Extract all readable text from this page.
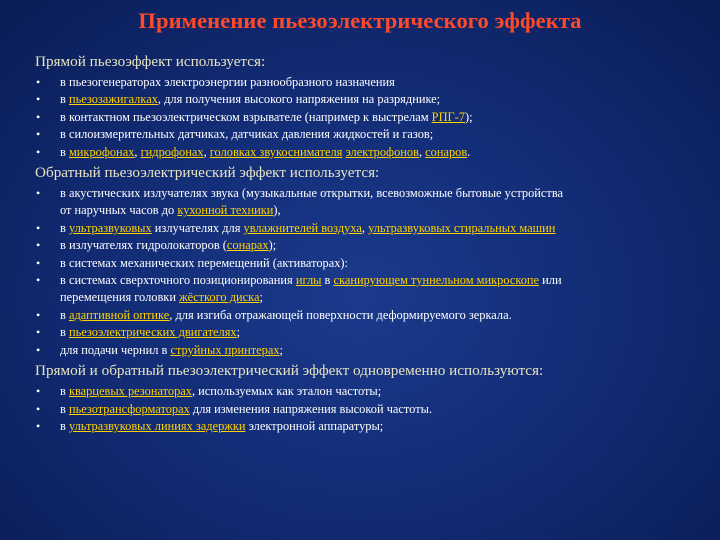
Применение пьезоэлектрического эффекта
Прямой пьезоэффект используется:
• в пьезогенераторах электроэнергии разнообразного назначения
• в пьезозажигалках, для получения высокого напряжения на разряднике;
• в контактном пьезоэлектрическом взрывателе (например к выстрелам РПГ-7);
• в силоизмерительных датчиках, датчиках давления жидкостей и газов;
• в микрофонах, гидрофонах, головках звукоснимателя электрофонов, сонаров.
Обратный пьезоэлектрический эффект используется:
• в акустических излучателях звука (музыкальные открытки, всевозможные бытовые устройства
от наручных часов до кухонной техники),
• в ультразвуковых излучателях для увлажнителей воздуха, ультразвуковых стиральных машин
• в излучателях гидролокаторов (сонарах);
• в системах механических перемещений (активаторах):
• в системах сверхточного позиционирования иглы в сканирующем туннельном микроскопе или
перемещения головки жёсткого диска;
• в адаптивной оптике, для изгиба отражающей поверхности деформируемого зеркала.
• в пьезоэлектрических двигателях;
• для подачи чернил в струйных принтерах;
Прямой и обратный пьезоэлектрический эффект одновременно используются:
• в кварцевых резонаторах, используемых как эталон частоты;
• в пьезотрансформаторах для изменения напряжения высокой частоты.
• в ультразвуковых линиях задержки электронной аппаратуры;
